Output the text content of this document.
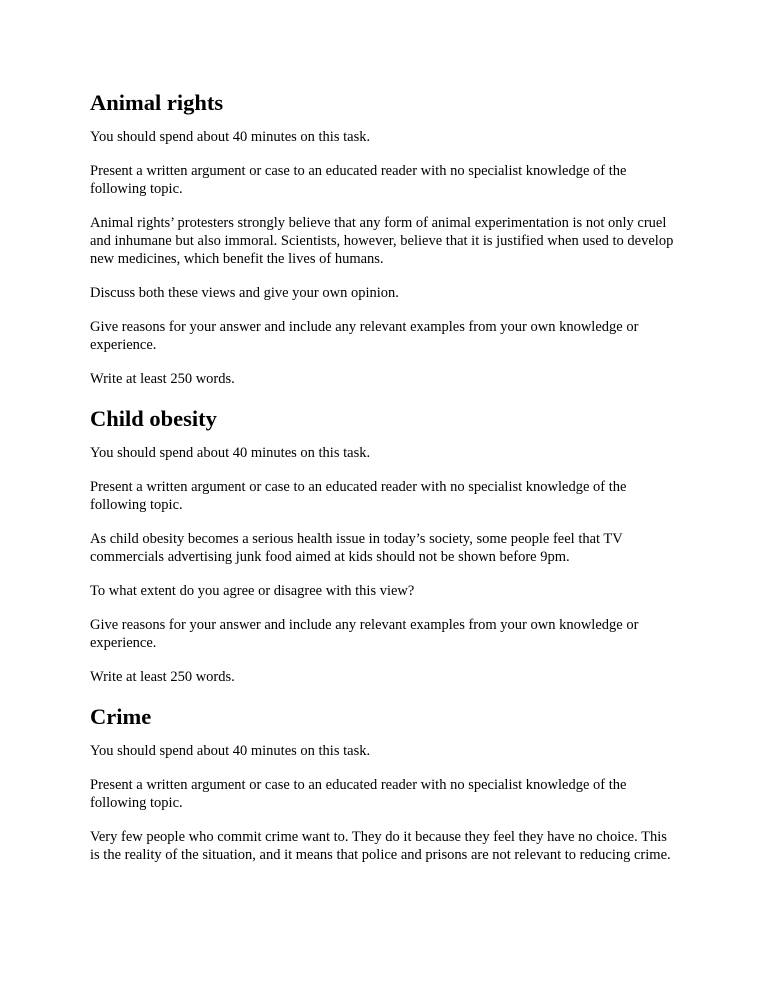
Animal rights

You should spend about 40 minutes on this task.

Present a written argument or case to an educated reader with no specialist knowledge of the following topic.

Animal rights’ protesters strongly believe that any form of animal experimentation is not only cruel and inhumane but also immoral. Scientists, however, believe that it is justified when used to develop new medicines, which benefit the lives of humans.

Discuss both these views and give your own opinion.

Give reasons for your answer and include any relevant examples from your own knowledge or experience.

Write at least 250 words.

Child obesity

You should spend about 40 minutes on this task.

Present a written argument or case to an educated reader with no specialist knowledge of the following topic.

As child obesity becomes a serious health issue in today’s society, some people feel that TV commercials advertising junk food aimed at kids should not be shown before 9pm.

To what extent do you agree or disagree with this view?

Give reasons for your answer and include any relevant examples from your own knowledge or experience.

Write at least 250 words.

Crime

You should spend about 40 minutes on this task.

Present a written argument or case to an educated reader with no specialist knowledge of the following topic.

Very few people who commit crime want to. They do it because they feel they have no choice. This is the reality of the situation, and it means that police and prisons are not relevant to reducing crime.
